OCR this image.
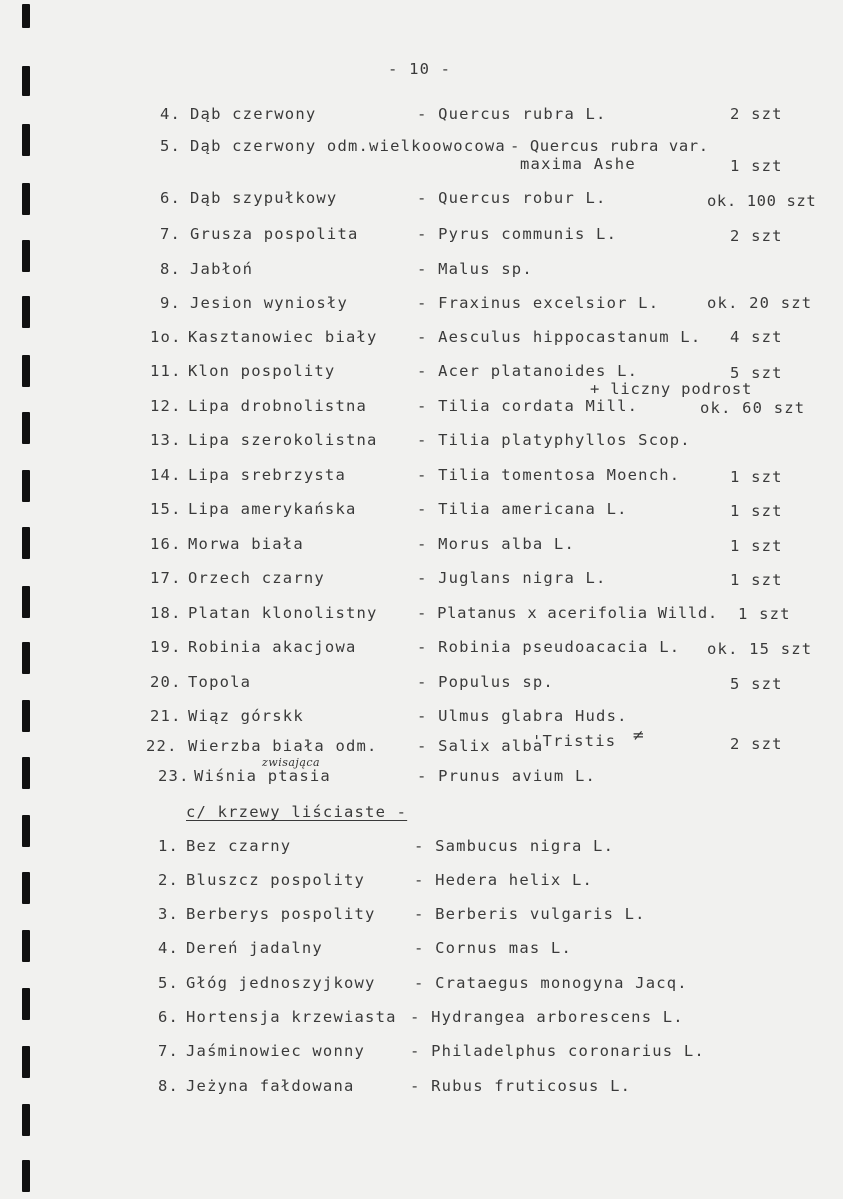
- 10 -
4. Dąb czerwony	- Quercus rubra L.	2 szt
5. Dąb czerwony odm.wielkoowocowa - Quercus rubra var.
maxima Ashe	1 szt
6. Dąb szypułkowy	- Quercus robur L.	ok. 100 szt
7. Grusza pospolita	- Pyrus communis L.	2 szt
8. Jabłoń	- Malus sp.
9. Jesion wyniosły	- Fraxinus excelsior L.	ok. 20 szt
1o. Kasztanowiec biały	- Aesculus hippocastanum L. 4 szt
11. Klon pospolity	- Acer platanoides L.	5 szt
+ liczny podrost
12. Lipa drobnolistna	- Tilia cordata Mill.	ok. 60 szt
13. Lipa szerokolistna	- Tilia platyphyllos Scop.
14. Lipa srebrzysta	- Tilia tomentosa Moench.	1 szt
15. Lipa amerykańska	- Tilia americana L.	1 szt
16. Morwa biała	- Morus alba L.	1 szt
17. Orzech czarny	- Juglans nigra L.	1 szt
18. Platan klonolistny	- Platanus x acerifolia Willd. 1 szt
19. Robinia akacjowa	- Robinia pseudoacacia L. ok. 15 szt
20. Topola	- Populus sp.	5 szt
21. Wiąz górskk	- Ulmus glabra Huds.
22. Wierzba biała odm.
zwisająca
- Salix alba
'Tristis ≠	2 szt
23. Wiśnia ptasia	- Prunus avium L.
c/ krzewy liściaste -
1. Bez czarny	- Sambucus nigra L.
2. Bluszcz pospolity	- Hedera helix L.
3. Berberys pospolity - Berberis vulgaris L.
4. Dereń jadalny	- Cornus mas L.
5. Głóg jednoszyjkowy - Crataegus monogyna Jacq.
6. Hortensja krzewiasta - Hydrangea arborescens L.
7. Jaśminowiec wonny	- Philadelphus coronarius L.
8. Jeżyna fałdowana	- Rubus fruticosus L.
